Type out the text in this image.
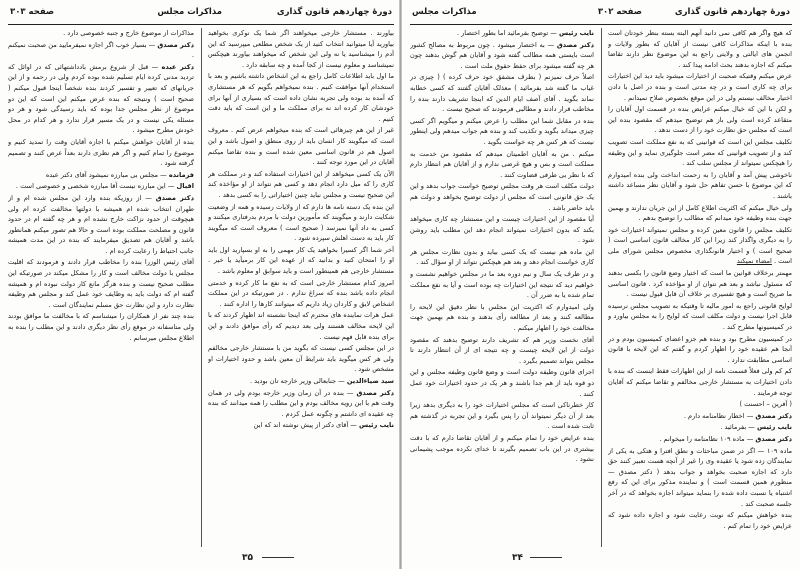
دورهٔ چهاردهم قانون گذاری
مذاکرات مجلس
صفحه ۳۰۳

مذاکرات از موضوع خارج و جنبه خصوصی دارد .

دکتر مصدق — بسیار خوب اگر اجازه نمیفرمایید من صحبت نمیکنم .

دکتر عبده — قبل از شروع برمش بادداشتهائی که در اوائل که تردید مدنی کرده ایام تسلیم شده بوده کردم ولی در رحمه و از این جریانهای که تعییر و تفسیر کردند بنده شخصاً اینجا قبول میکنم ( صحیح است ) ونتیجه که بنده عرض میکنم این است که این دو موضوع از نظر مجلس جدا بوده که باید رسیدگی شود و هر دو مسئله یکی نیست و در یک مسیر قرار ندارد و هر کدام در محل خودش مطرح میشود .

بنده از آقایان خواهش میکنم با اجازه آقایان وقت را تمدید کنیم و موضوع را تمام کنیم و اگر هم نظری دارند بعداً عرض کنند و تصمیم گرفته شود .

فرمانده — مجلس بی مبارزه نمیشود آقای دکتر عبده

اقبال — این مبارزه نیست آقا مبارزه شخصی و خصوصی است .

دکتر مصدق — از روزیکه بنده وارد این مجلس شده ام و از طهران انتخاب شده ام همیشه با دولتها مخالفت کرده ام ولی هیچوقت از حدود نزاکت خارج نشده ام و هر چه گفته ام در حدود قانون و مصلحت مملکت بوده است و حالا هم تصور میکنم همانطور باشد و آقایان هم تصدیق میفرمایند که بنده در این مدت همیشه جانب احتیاط را رعایت کرده ام .

آقای رئیس الوزرا بنده را مخاطب قرار دادند و فرمودند که اقلیت مجلس با دولت مخالف است و کار را مشکل میکند در صورتیکه این مطلب صحیح نیست و بنده هرگز مانع کار دولت نبوده ام و همیشه گفته ام که دولت باید به وظایف خود عمل کند و مجلس هم وظیفه نظارت دارد و این نظارت حق مسلم نمایندگان است .

بنده چند نفر از همکاران را میشناسم که با مخالفت ما موافق بودند ولی متاسفانه در موقع رأی نظر دیگری دادند و این مطلب را بنده به اطلاع مجلس میرسانم .

بیاورند . مستشار خارجی میخواهند اگر شما یک نوکری بخواهید بیاورید آیا میتوانید انتخاب کنید از یک شخص مطلعی میپرسید که این آدم را میشناسید یا نه ولی این شخص که میخواهند بیاورند هیچکس نمیشناسد و معلوم نیست از کجا آمده و چه سابقه دارد .

ما اول باید اطلاعات کامل راجع به این اشخاص داشته باشیم و بعد با استخدام آنها موافقت کنیم . بنده نمیخواهم بگویم که هر مستشاری که آمده بد بوده ولی تجربه نشان داده است که بسیاری از آنها برای خودشان کار کرده اند نه برای مملکت ما و این است که باید دقت کنیم .

غیر از این هم چیزهائی است که بنده میخواهم عرض کنم . معروف است که میگویند کار انسان باید از روی منطق و اصول باشد و این اصول هم در قانون اساسی معین شده است و بنده تقاضا میکنم آقایان در این مورد توجه کنند .

الآن یک کسی میخواهد از این اختیارات استفاده کند و در مملکت هر کاری را که میل دارد انجام دهد و کسی هم نتواند از او مؤاخذه کند این صحیح نیست و مجلس نباید چنین اختیاراتی را به کسی بدهد .

این بنده یک دسته نامه ها دارم که از ولایات رسیده و همه از وضعیت شکایت دارند و میگویند که مأمورین دولت با مردم بدرفتاری میکنند و کسی به داد آنها نمیرسد ( صحیح است ) معروف است که میگویند کار باید به دست اهلش سپرده شود .

آخر شما اگر کسیرا بخواهید یک کار مهمی را به او بسپارید اول باید او را امتحان کنید و بدانید که از عهده این کار برمیآید یا خیر . مستشار خارجی هم همینطور است و باید سوابق او معلوم باشد .

امروز کدام مستشار خارجی است که به نفع ما کار کرده و خدمتی انجام داده باشد بنده که سراغ ندارم . در صورتیکه در این مملکت اشخاص لایق و کاردان زیاد داریم که میتوانند کارها را اداره کنند .

عمل هرات نماینده های محترم که اینجا نشسته اند اظهار کردند که با این لایحه مخالف هستند ولی بعد دیدیم که رأی موافق دادند و این برای بنده قابل فهم نیست .

در این مجلس کسی نیست که بگوید من با مستشار خارجی مخالفم ولی هر کس میگوید باید شرایط آن معین باشد و حدود اختیارات او مشخص شود .

سید ضیاءالدین — جنابعالی وزیر خارجه تان بودید .

دکتر مصدق — بنده در آن زمان وزیر خارجه بودم ولی در همان وقت هم با این رویه مخالف بودم و این مطلب را همه میدانند که بنده چه عقیده ای داشتم و چگونه عمل کردم .

نایب رئیس — آقای دکتر از پیش نوشته اند که این

۳۵
دورهٔ چهاردهم قانون گذاری
صفحه ۳۰۲
مذاکرات مجلس

نایب رئیس — توضیح بفرمائید اما بطور اختصار .

دکتر مصدق — به اختصار میشود . چون مربوط به مصالح کشور است بایستی همه مطالب گفته شود و آقایان هم گوش بدهند چون هر چه گفته میشود برای حفظ حقوق ملت است .

اصلاً حرف نمیزنم ( بطرف مشفق خود حرف کرده ) ( چیزی در غیاب ما گفته شد بفرمائید ) معذلک آقایان گفتند که کسی خطابه نماند بگوید . آقای آصف ایام الدین که اینجا تشریف دارند بنده را مخاطب قرار دادند و مطالبی فرمودند که صحیح نیست .

بنده در مقابل شما این مطلب را عرض میکنم و میگویم اگر کسی چیزی میداند بگوید و تکذیب کند و بنده هم جواب میدهم ولی اینطور نیست که هر کس هر چه خواست بگوید .

میکنم . من به آقایان اطمینان میدهم که مقصود من خدمت به مملکت است و بس و هیچ غرضی ندارم و از آقایان هم انتظار دارم که با نظر بی طرفی قضاوت کنند .

دولت مکلف است هر وقت مجلس توضیح خواست جواب بدهد و این یک حق قانونی است که مجلس از دولت توضیح بخواهد و دولت هم باید حاضر باشد .

آیا مقصود از این اختیارات چیست و این مستشار چه کاری میخواهد بکند که بدون اختیارات نمیتواند انجام دهد این مطلب باید روشن شود .

این ماده هم نیست که یک کسی بیاید و بدون نظارت مجلس هر کاری خواست انجام دهد و بعد هم هیچکس نتواند از او سؤال کند .

و در ظرف یک سال و نیم دوره بعد ما در مجلس خواهیم نشست و خواهیم دید که نتیجه این اختیارات چه بوده است و آیا به نفع مملکت تمام شده یا به ضرر آن .

ولی امیدوارم که اکثریت این مجلس با نظر دقیق این لایحه را مطالعه کنند و بعد از مطالعه رأی بدهند و بنده هم بهمین جهت مخالفت خود را اظهار میکنم .

آقای نخست وزیر هم که تشریف دارند توضیح بدهند که مقصود دولت از این لایحه چیست و چه نتیجه ای از آن انتظار دارند تا مجلس بتواند تصمیم بگیرد .

اجرای قانون وظیفه دولت است و وضع قانون وظیفه مجلس و این دو قوه باید از هم جدا باشند و هر یک در حدود اختیارات خود عمل کنند .

کار خطرناکی است که مجلس اختیارات خود را به دیگری بدهد زیرا بعد از آن دیگر نمیتواند آن را پس بگیرد و این تجربه در گذشته هم ثابت شده است .

بنده عرایض خود را تمام میکنم و از آقایان تقاضا دارم که با دقت بیشتری در این باب تصمیم بگیرند تا خدای نکرده موجب پشیمانی نشود .

که هیچ واگر هم کافی نمی دانید آنهم البته بسته بنظر خودتان است بنده با اینکه مذاکرات کافی نیست از آقایان که بطور ولایات و انجمن های ایالتی و ولایتی راجع به این موضوع نظر دارند تقاضا میکنم که اجازه بدهند بحث ادامه پیدا کند .

عرض میکنم وقتیکه صحبت از اختیارات میشود باید دید این اختیارات برای چه کاری است و در چه مدتی است و بنده در اصل با دادن اختیار مخالف نیستم ولی در این موقع بخصوص صلاح نمیدانم .

و لکن با این که خیال میکنم عرایض بنده در قسمت اول آقایان را متقاعد کرده است ولی باز هم توضیح میدهم که مقصود بنده این است که مجلس حق نظارت خود را از دست ندهد .

تکلیف مجلس این است که قوانینی که به نفع مملکت است تصویب کند و از تصویب قوانینی که مضر است جلوگیری نماید و این وظیفه را هیچکس نمیتواند از مجلس سلب کند .

ناخوشی پیش آمد و آقایان را به زحمت انداخت ولی بنده امیدوارم که این موضوع با حسن تفاهم حل شود و آقایان نظر مساعد داشته باشند .

ولی خیال میکنم که اکثریت اطلاع کامل از این جریان ندارند و بهمین جهت بنده وظیفه خود میدانم که مطالب را توضیح بدهم .

تکلیف مجلس را قانون معین کرده و مجلس نمیتواند اختیارات خود را به دیگری واگذار کند زیرا این کار مخالف قانون اساسی است ( صحیح است ) و اختیار قانونگذاری مخصوص مجلس شورای ملی است . امضاء نمیکند

مهمتر برخلاف قوانین ما است که اختیار وضع قانون را بکسی بدهند که مسئول نباشد و بعد هم نتوان از او مؤاخذه کرد . قانون اساسی ما صریح است و هیچ تفسیری بر خلاف آن قابل قبول نیست .

لوایح قانونی راجع به امور مالیه تا وقتیکه به تصویب مجلس نرسیده قابل اجرا نیست و دولت مکلف است که لوایح را به مجلس بیاورد و در کمیسیونها مطرح کند .

در کمیسیون مطرح بود و بنده هم جزو اعضای کمیسیون بودم و در آنجا هم عقیده خود را اظهار کردم و گفتم که این لایحه با قانون اساسی مطابقت ندارد .

کم کم ولی فعلاً قسمت نامه از این اظهارات فقط اینست که بنده با دادن اختیارات به مستشار خارجی مخالفم و تقاضا میکنم که آقایان توجه فرمایند .

( آفرین – احسنت )

دکتر مصدق — اخطار نظامنامه دارم .

نایب رئیس — بفرمائید .

دکتر مصدق — ماده ۱۰۹ نظامنامه را میخوانم .

ماده ۱۰۹ — اگر در ضمن مباحثات و نطق افترا و هتکی به یکی از نمایندگان زده شود یا عقیده وی را غیر از آنچه هست تعبیر کنند حق دارد که اجازه صحبت بخواهد و جواب بدهد ( دکتر مصدق — منظورم همین قسمت است ) و نماینده مذکور برای این که رفع اشتباه یا نسبت داده شده را بنماید میتواند اجازه بخواهد که در آخر جلسه صحبت کند .

بنده خواهش میکنم که نوبت رعایت شود و اجازه داده شود که عرایض خود را تمام کنم .

۳۴
